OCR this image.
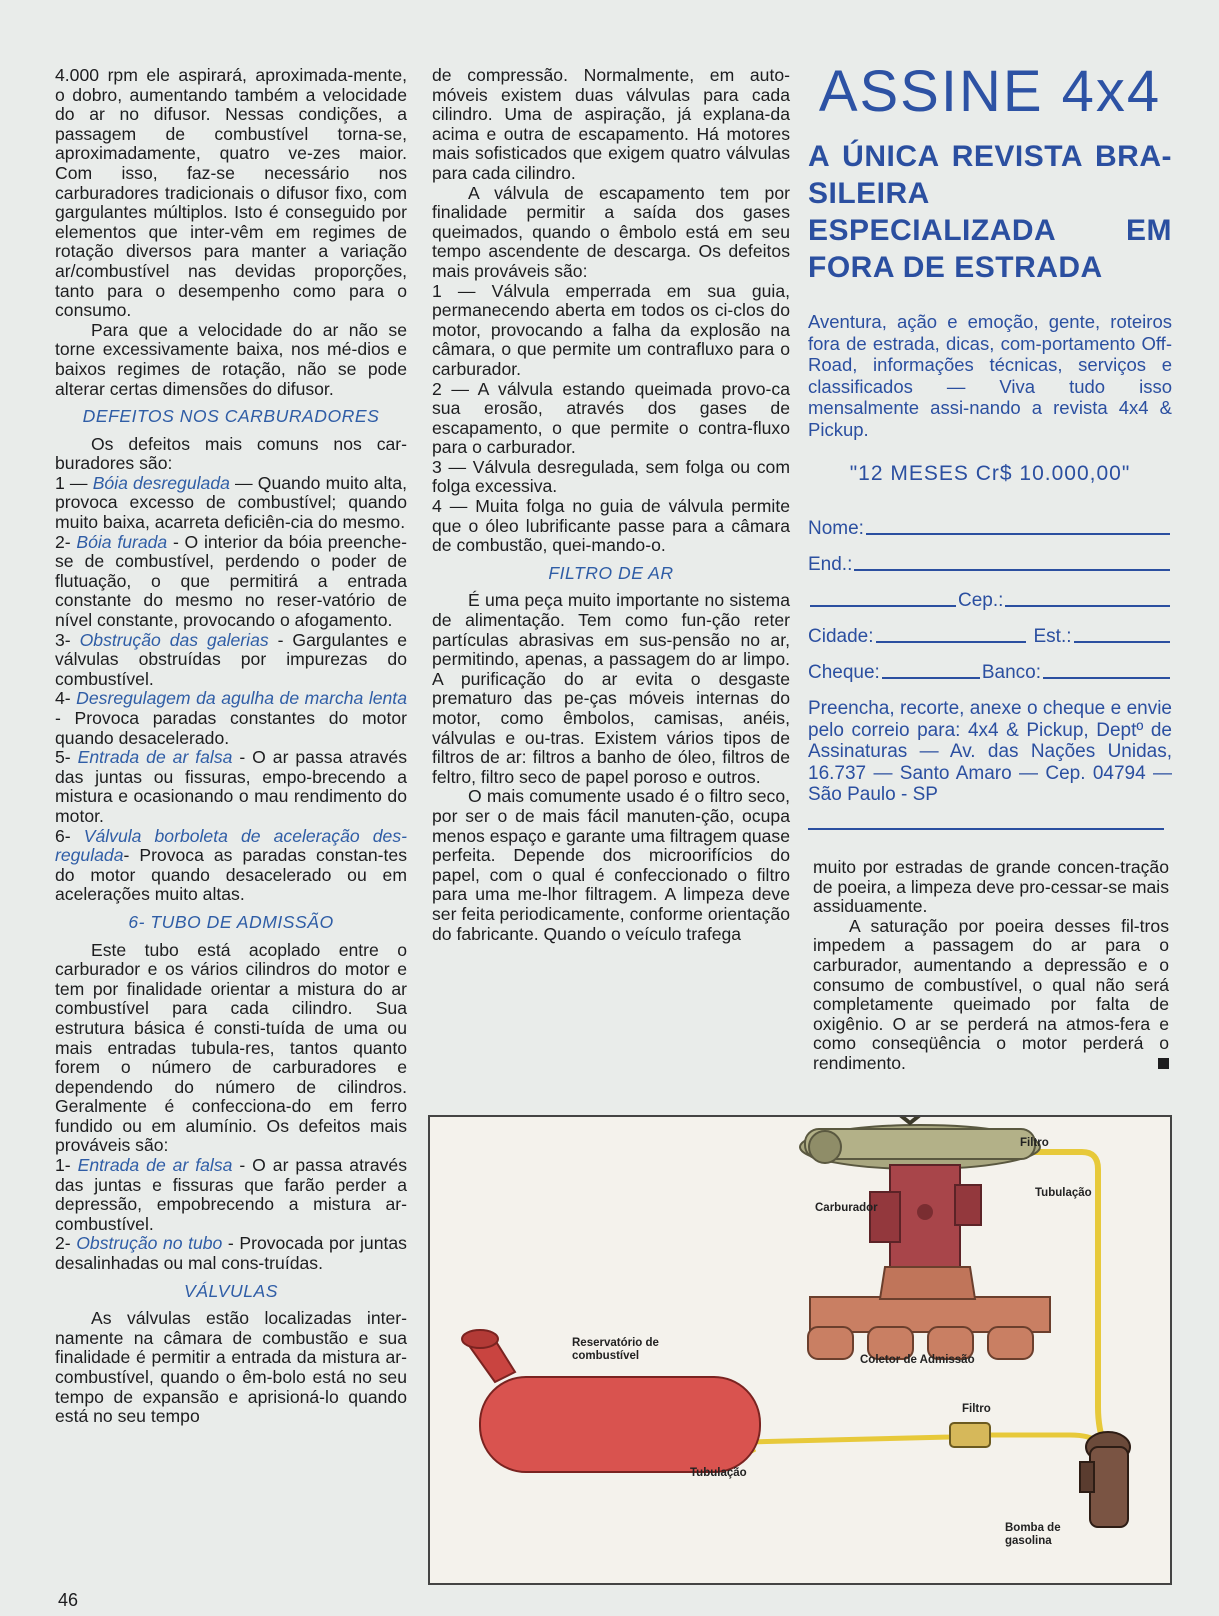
4.000 rpm ele aspirará, aproximada-mente, o dobro, aumentando também a velocidade do ar no difusor. Nessas condições, a passagem de combustível torna-se, aproximadamente, quatro ve-zes maior. Com isso, faz-se necessário nos carburadores tradicionais o difusor fixo, com gargulantes múltiplos. Isto é conseguido por elementos que inter-vêm em regimes de rotação diversos para manter a variação ar/combustível nas devidas proporções, tanto para o desempenho como para o consumo.

Para que a velocidade do ar não se torne excessivamente baixa, nos mé-dios e baixos regimes de rotação, não se pode alterar certas dimensões do difusor.

DEFEITOS NOS CARBURADORES

Os defeitos mais comuns nos car-buradores são:

1 — Bóia desregulada — Quando muito alta, provoca excesso de combustível; quando muito baixa, acarreta deficiên-cia do mesmo.

2- Bóia furada - O interior da bóia preenche-se de combustível, perdendo o poder de flutuação, o que permitirá a entrada constante do mesmo no reser-vatório de nível constante, provocando o afogamento.

3- Obstrução das galerias - Gargulantes e válvulas obstruídas por impurezas do combustível.

4- Desregulagem da agulha de marcha lenta - Provoca paradas constantes do motor quando desacelerado.

5- Entrada de ar falsa - O ar passa através das juntas ou fissuras, empo-brecendo a mistura e ocasionando o mau rendimento do motor.

6- Válvula borboleta de aceleração des-regulada- Provoca as paradas constan-tes do motor quando desacelerado ou em acelerações muito altas.

6- TUBO DE ADMISSÃO

Este tubo está acoplado entre o carburador e os vários cilindros do motor e tem por finalidade orientar a mistura do ar combustível para cada cilindro. Sua estrutura básica é consti-tuída de uma ou mais entradas tubula-res, tantos quanto forem o número de carburadores e dependendo do número de cilindros. Geralmente é confecciona-do em ferro fundido ou em alumínio. Os defeitos mais prováveis são:

1- Entrada de ar falsa - O ar passa através das juntas e fissuras que farão perder a depressão, empobrecendo a mistura ar-combustível.

2- Obstrução no tubo - Provocada por juntas desalinhadas ou mal cons-truídas.

VÁLVULAS

As válvulas estão localizadas inter-namente na câmara de combustão e sua finalidade é permitir a entrada da mistura ar-combustível, quando o êm-bolo está no seu tempo de expansão e aprisioná-lo quando está no seu tempo

de compressão. Normalmente, em auto-móveis existem duas válvulas para cada cilindro. Uma de aspiração, já explana-da acima e outra de escapamento. Há motores mais sofisticados que exigem quatro válvulas para cada cilindro.

A válvula de escapamento tem por finalidade permitir a saída dos gases queimados, quando o êmbolo está em seu tempo ascendente de descarga. Os defeitos mais prováveis são:

1 — Válvula emperrada em sua guia, permanecendo aberta em todos os ci-clos do motor, provocando a falha da explosão na câmara, o que permite um contrafluxo para o carburador.

2 — A válvula estando queimada provo-ca sua erosão, através dos gases de escapamento, o que permite o contra-fluxo para o carburador.

3 — Válvula desregulada, sem folga ou com folga excessiva.

4 — Muita folga no guia de válvula permite que o óleo lubrificante passe para a câmara de combustão, quei-mando-o.

FILTRO DE AR

É uma peça muito importante no sistema de alimentação. Tem como fun-ção reter partículas abrasivas em sus-pensão no ar, permitindo, apenas, a passagem do ar limpo. A purificação do ar evita o desgaste prematuro das pe-ças móveis internas do motor, como êmbolos, camisas, anéis, válvulas e ou-tras. Existem vários tipos de filtros de ar: filtros a banho de óleo, filtros de feltro, filtro seco de papel poroso e outros.

O mais comumente usado é o filtro seco, por ser o de mais fácil manuten-ção, ocupa menos espaço e garante uma filtragem quase perfeita. Depende dos microorifícios do papel, com o qual é confeccionado o filtro para uma me-lhor filtragem. A limpeza deve ser feita periodicamente, conforme orientação do fabricante. Quando o veículo trafega

ASSINE 4x4

A ÚNICA REVISTA BRA-SILEIRA ESPECIALIZADA EM FORA DE ESTRADA

Aventura, ação e emoção, gente, roteiros fora de estrada, dicas, com-portamento Off-Road, informações técnicas, serviços e classificados — Viva tudo isso mensalmente assi-nando a revista 4x4 & Pickup.

"12 MESES Cr$ 10.000,00"

Nome:
End.:
Cep.:
Cidade:	Est.:
Cheque:	Banco:

Preencha, recorte, anexe o cheque e envie pelo correio para: 4x4 & Pickup, Deptº de Assinaturas — Av. das Nações Unidas, 16.737 — Santo Amaro — Cep. 04794 — São Paulo - SP

muito por estradas de grande concen-tração de poeira, a limpeza deve pro-cessar-se mais assiduamente.

A saturação por poeira desses fil-tros impedem a passagem do ar para o carburador, aumentando a depressão e o consumo de combustível, o qual não será completamente queimado por falta de oxigênio. O ar se perderá na atmos-fera e como conseqüência o motor perderá o rendimento.

Filtro
Tubulação
Carburador
Reservatório de combustível	Coletor de Admissão
Filtro
Tubulação
Bomba de gasolina
46
